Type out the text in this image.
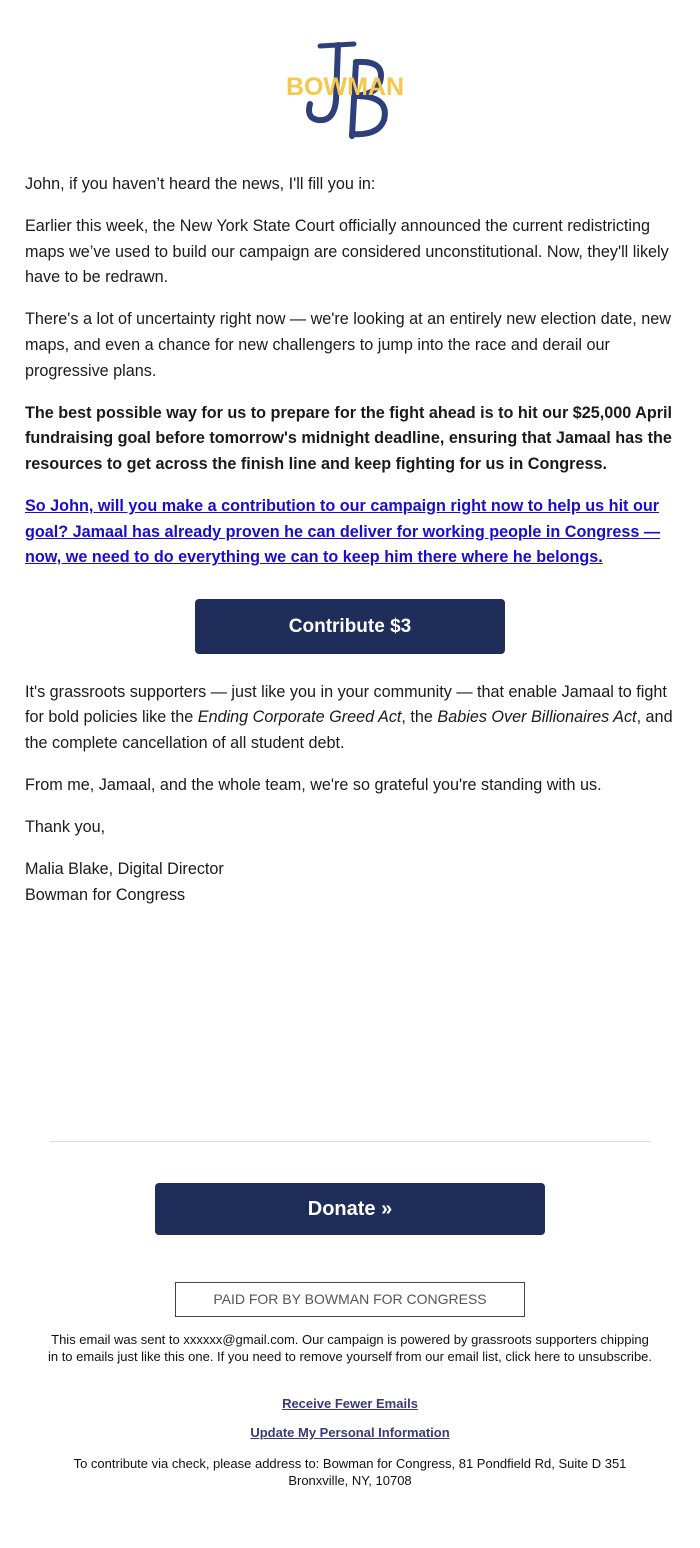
BOWMAN

John, if you haven’t heard the news, I'll fill you in:

Earlier this week, the New York State Court officially announced the current redistricting maps we’ve used to build our campaign are considered unconstitutional. Now, they'll likely have to be redrawn.

There's a lot of uncertainty right now — we're looking at an entirely new election date, new maps, and even a chance for new challengers to jump into the race and derail our progressive plans.

The best possible way for us to prepare for the fight ahead is to hit our $25,000 April fundraising goal before tomorrow's midnight deadline, ensuring that Jamaal has the resources to get across the finish line and keep fighting for us in Congress.

So John, will you make a contribution to our campaign right now to help us hit our goal? Jamaal has already proven he can deliver for working people in Congress — now, we need to do everything we can to keep him there where he belongs.
Contribute $3

It's grassroots supporters — just like you in your community — that enable Jamaal to fight for bold policies like the Ending Corporate Greed Act, the Babies Over Billionaires Act, and the complete cancellation of all student debt.

From me, Jamaal, and the whole team, we're so grateful you're standing with us.

Thank you,

Malia Blake, Digital Director
Bowman for Congress
Donate »
PAID FOR BY BOWMAN FOR CONGRESS
This email was sent to xxxxxx@gmail.com. Our campaign is powered by grassroots supporters chipping in to emails just like this one. If you need to remove yourself from our email list, click here to unsubscribe.
Receive Fewer Emails
Update My Personal Information
To contribute via check, please address to: Bowman for Congress, 81 Pondfield Rd, Suite D 351
Bronxville, NY, 10708
